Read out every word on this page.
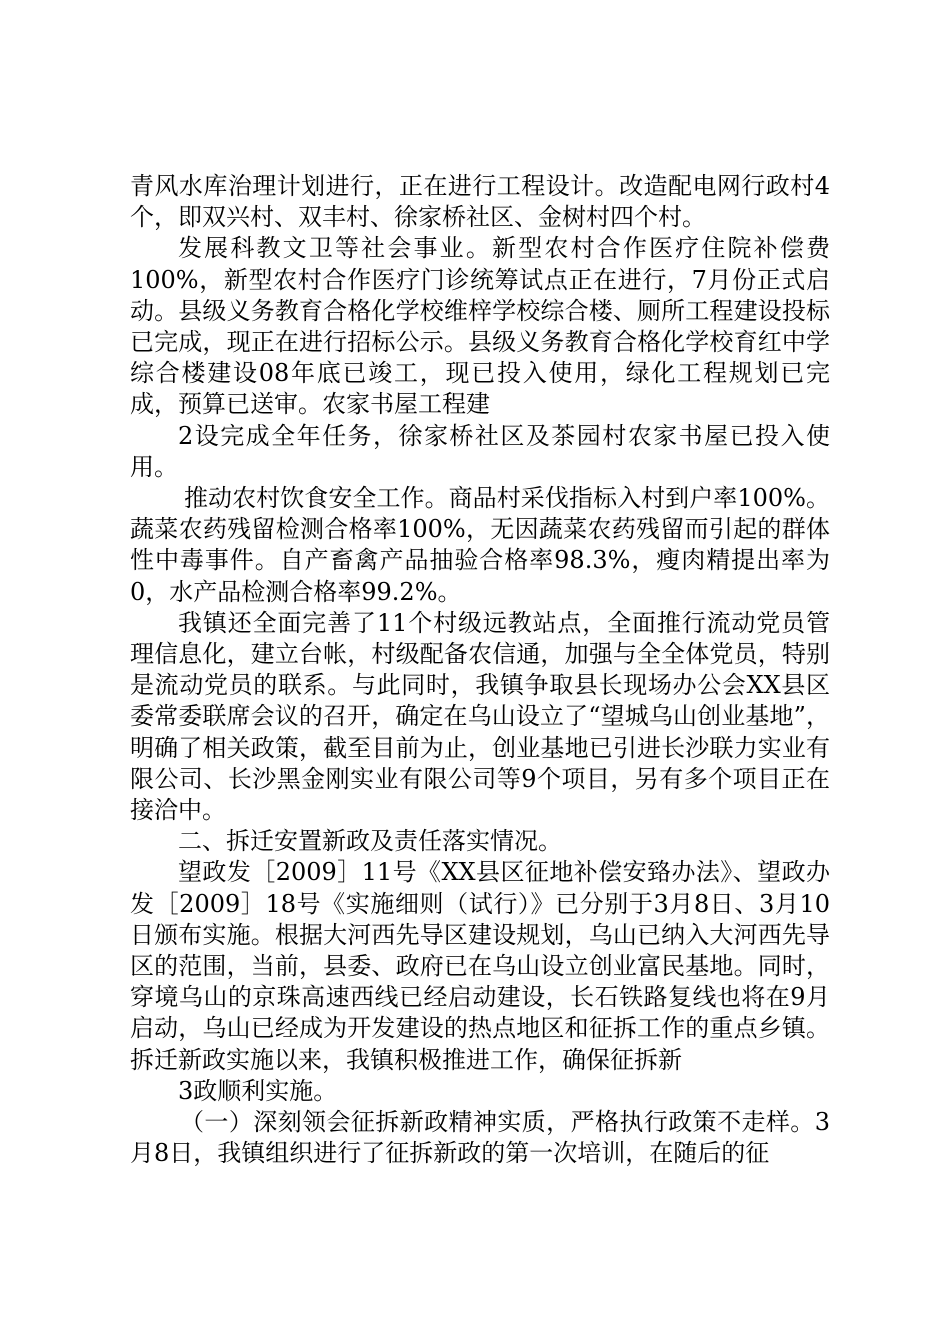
青风水库治理计划进行，正在进行工程设计。改造配电网行政村4个，即双兴村、双丰村、徐家桥社区、金树村四个村。

发展科教文卫等社会事业。新型农村合作医疗住院补偿费100%，新型农村合作医疗门诊统筹试点正在进行，7月份正式启动。县级义务教育合格化学校维梓学校综合楼、厕所工程建设投标已完成，现正在进行招标公示。县级义务教育合格化学校育红中学综合楼建设08年底已竣工，现已投入使用，绿化工程规划已完成，预算已送审。农家书屋工程建

2设完成全年任务，徐家桥社区及茶园村农家书屋已投入使用。

推动农村饮食安全工作。商品村采伐指标入村到户率100%。蔬菜农药残留检测合格率100%，无因蔬菜农药残留而引起的群体性中毒事件。自产畜禽产品抽验合格率98.3%，瘦肉精提出率为0，水产品检测合格率99.2%。

我镇还全面完善了11个村级远教站点，全面推行流动党员管理信息化，建立台帐，村级配备农信通，加强与全全体党员，特别是流动党员的联系。与此同时，我镇争取县长现场办公会XX县区委常委联席会议的召开，确定在乌山设立了“望城乌山创业基地”，明确了相关政策，截至目前为止，创业基地已引进长沙联力实业有限公司、长沙黑金刚实业有限公司等9个项目，另有多个项目正在接洽中。

二、拆迁安置新政及责任落实情况。

望政发［2009］11号《XX县区征地补偿安臵办法》、望政办发［2009］18号《实施细则（试行）》已分别于3月8日、3月10日颁布实施。根据大河西先导区建设规划，乌山已纳入大河西先导区的范围，当前，县委、政府已在乌山设立创业富民基地。同时，穿境乌山的京珠高速西线已经启动建设，长石铁路复线也将在9月启动，乌山已经成为开发建设的热点地区和征拆工作的重点乡镇。拆迁新政实施以来，我镇积极推进工作，确保征拆新

3政顺利实施。

（一）深刻领会征拆新政精神实质，严格执行政策不走样。3月8日，我镇组织进行了征拆新政的第一次培训，在随后的征
